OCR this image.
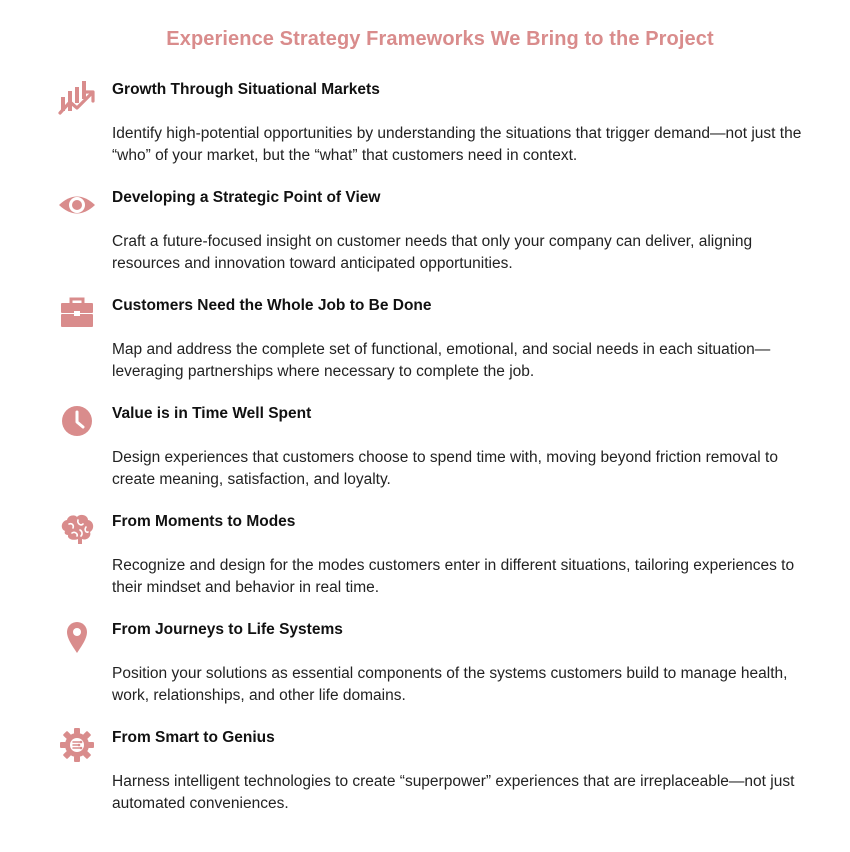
Experience Strategy Frameworks We Bring to the Project
Growth Through Situational Markets
Identify high-potential opportunities by understanding the situations that trigger demand—not just the “who” of your market, but the “what” that customers need in context.
Developing a Strategic Point of View
Craft a future-focused insight on customer needs that only your company can deliver, aligning resources and innovation toward anticipated opportunities.
Customers Need the Whole Job to Be Done
Map and address the complete set of functional, emotional, and social needs in each situation—leveraging partnerships where necessary to complete the job.
Value is in Time Well Spent
Design experiences that customers choose to spend time with, moving beyond friction removal to create meaning, satisfaction, and loyalty.
From Moments to Modes
Recognize and design for the modes customers enter in different situations, tailoring experiences to their mindset and behavior in real time.
From Journeys to Life Systems
Position your solutions as essential components of the systems customers build to manage health, work, relationships, and other life domains.
From Smart to Genius
Harness intelligent technologies to create “superpower” experiences that are irreplaceable—not just automated conveniences.
